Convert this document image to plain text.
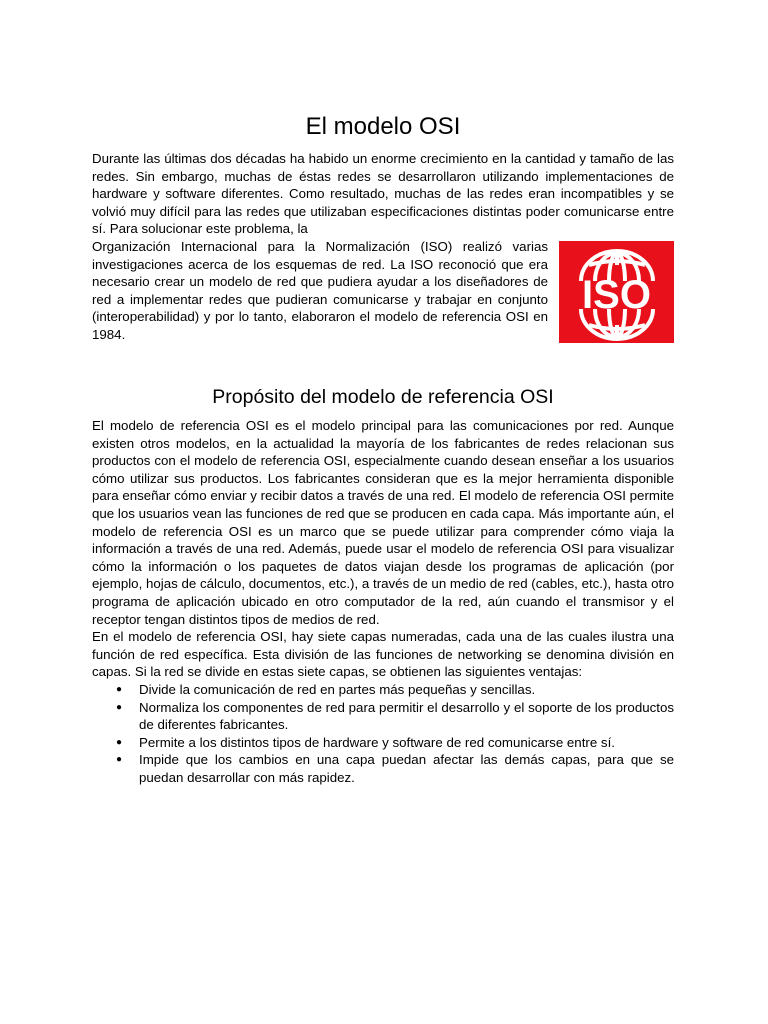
El modelo OSI

Durante las últimas dos décadas ha habido un enorme crecimiento en la cantidad y tamaño de las redes. Sin embargo, muchas de éstas redes se desarrollaron utilizando implementaciones de hardware y software diferentes. Como resultado, muchas de las redes eran incompatibles y se volvió muy difícil para las redes que utilizaban especificaciones distintas poder comunicarse entre sí. Para solucionar este problema, la

Organización Internacional para la Normalización (ISO) realizó varias investigaciones acerca de los esquemas de red. La ISO reconoció que era necesario crear un modelo de red que pudiera ayudar a los diseñadores de red a implementar redes que pudieran comunicarse y trabajar en conjunto (interoperabilidad) y por lo tanto, elaboraron el modelo de referencia OSI en 1984.

ISO
Propósito del modelo de referencia OSI

El modelo de referencia OSI es el modelo principal para las comunicaciones por red. Aunque existen otros modelos, en la actualidad la mayoría de los fabricantes de redes relacionan sus productos con el modelo de referencia OSI, especialmente cuando desean enseñar a los usuarios cómo utilizar sus productos. Los fabricantes consideran que es la mejor herramienta disponible para enseñar cómo enviar y recibir datos a través de una red. El modelo de referencia OSI permite que los usuarios vean las funciones de red que se producen en cada capa. Más importante aún, el modelo de referencia OSI es un marco que se puede utilizar para comprender cómo viaja la información a través de una red. Además, puede usar el modelo de referencia OSI para visualizar cómo la información o los paquetes de datos viajan desde los programas de aplicación (por ejemplo, hojas de cálculo, documentos, etc.), a través de un medio de red (cables, etc.), hasta otro programa de aplicación ubicado en otro computador de la red, aún cuando el transmisor y el receptor tengan distintos tipos de medios de red.

En el modelo de referencia OSI, hay siete capas numeradas, cada una de las cuales ilustra una función de red específica. Esta división de las funciones de networking se denomina división en capas. Si la red se divide en estas siete capas, se obtienen las siguientes ventajas:

● Divide la comunicación de red en partes más pequeñas y sencillas.
● Normaliza los componentes de red para permitir el desarrollo y el soporte de los productos de diferentes fabricantes.
● Permite a los distintos tipos de hardware y software de red comunicarse entre sí.
● Impide que los cambios en una capa puedan afectar las demás capas, para que se puedan desarrollar con más rapidez.
